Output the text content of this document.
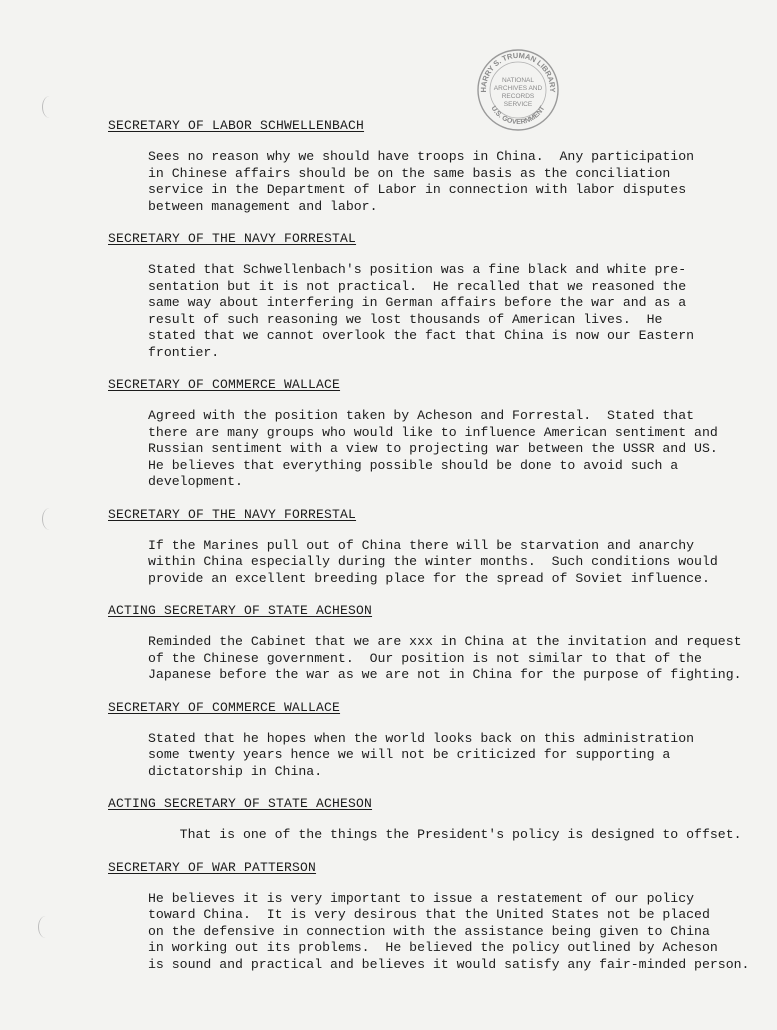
HARRY S. TRUMAN LIBRARY
U.S. GOVERNMENT
NATIONAL
ARCHIVES AND
RECORDS
SERVICE

SECRETARY OF LABOR SCHWELLENBACH

Sees no reason why we should have troops in China.  Any participation
in Chinese affairs should be on the same basis as the conciliation
service in the Department of Labor in connection with labor disputes
between management and labor.

SECRETARY OF THE NAVY FORRESTAL

Stated that Schwellenbach's position was a fine black and white pre-
sentation but it is not practical.  He recalled that we reasoned the
same way about interfering in German affairs before the war and as a
result of such reasoning we lost thousands of American lives.  He
stated that we cannot overlook the fact that China is now our Eastern
frontier.

SECRETARY OF COMMERCE WALLACE

Agreed with the position taken by Acheson and Forrestal.  Stated that
there are many groups who would like to influence American sentiment and
Russian sentiment with a view to projecting war between the USSR and US.
He believes that everything possible should be done to avoid such a
development.

SECRETARY OF THE NAVY FORRESTAL

If the Marines pull out of China there will be starvation and anarchy
within China especially during the winter months.  Such conditions would
provide an excellent breeding place for the spread of Soviet influence.

ACTING SECRETARY OF STATE ACHESON

Reminded the Cabinet that we are xxx in China at the invitation and request
of the Chinese government.  Our position is not similar to that of the
Japanese before the war as we are not in China for the purpose of fighting.

SECRETARY OF COMMERCE WALLACE

Stated that he hopes when the world looks back on this administration
some twenty years hence we will not be criticized for supporting a
dictatorship in China.

ACTING SECRETARY OF STATE ACHESON

That is one of the things the President's policy is designed to offset.

SECRETARY OF WAR PATTERSON

He believes it is very important to issue a restatement of our policy
toward China.  It is very desirous that the United States not be placed
on the defensive in connection with the assistance being given to China
in working out its problems.  He believed the policy outlined by Acheson
is sound and practical and believes it would satisfy any fair-minded person.
